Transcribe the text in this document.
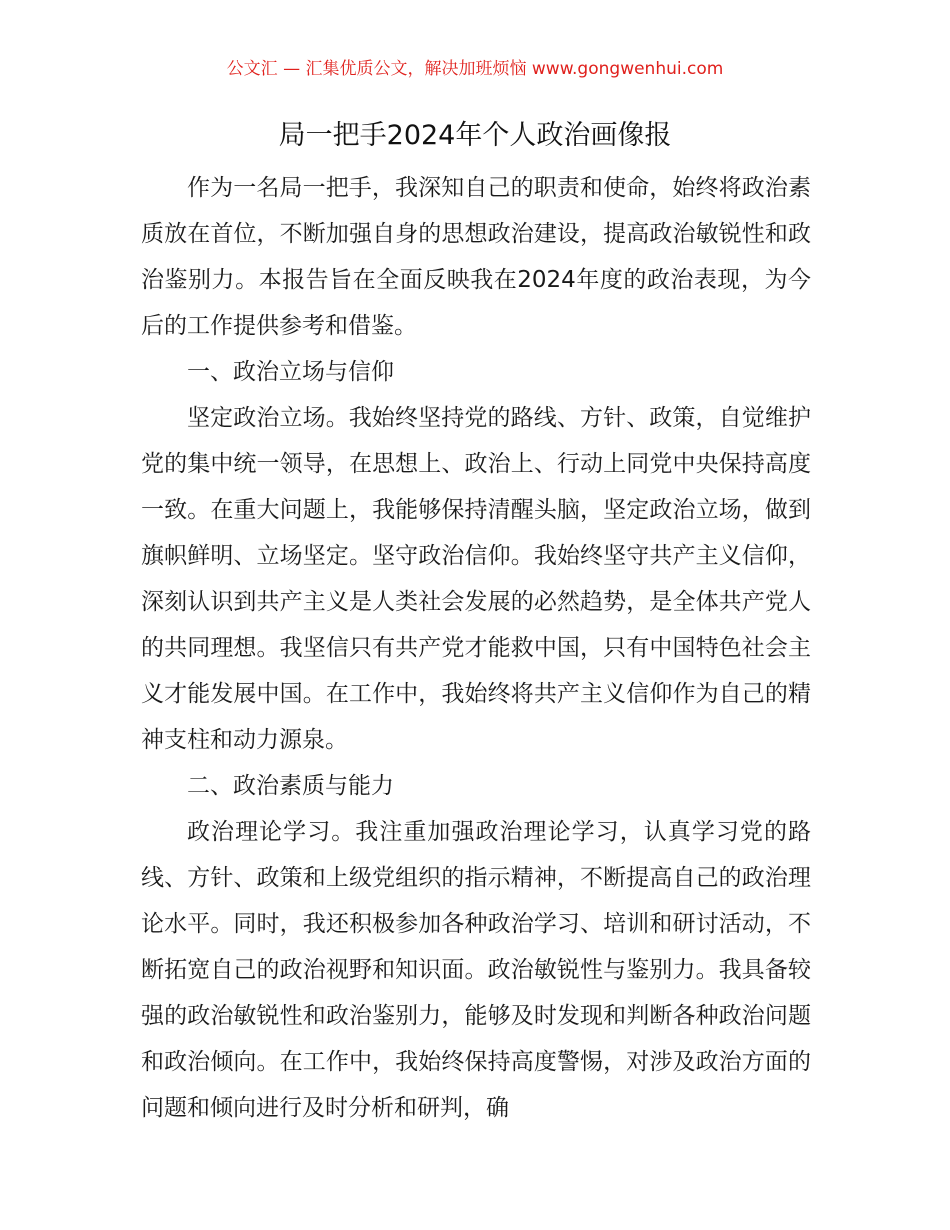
公文汇 — 汇集优质公文，解决加班烦恼 www.gongwenhui.com
局一把手2024年个人政治画像报

作为一名局一把手，我深知自己的职责和使命，始终将政治素质放在首位，不断加强自身的思想政治建设，提高政治敏锐性和政治鉴别力。本报告旨在全面反映我在2024年度的政治表现，为今后的工作提供参考和借鉴。

一、政治立场与信仰

坚定政治立场。我始终坚持党的路线、方针、政策，自觉维护党的集中统一领导，在思想上、政治上、行动上同党中央保持高度一致。在重大问题上，我能够保持清醒头脑，坚定政治立场，做到旗帜鲜明、立场坚定。坚守政治信仰。我始终坚守共产主义信仰，深刻认识到共产主义是人类社会发展的必然趋势，是全体共产党人的共同理想。我坚信只有共产党才能救中国，只有中国特色社会主义才能发展中国。在工作中，我始终将共产主义信仰作为自己的精神支柱和动力源泉。

二、政治素质与能力

政治理论学习。我注重加强政治理论学习，认真学习党的路线、方针、政策和上级党组织的指示精神，不断提高自己的政治理论水平。同时，我还积极参加各种政治学习、培训和研讨活动，不断拓宽自己的政治视野和知识面。政治敏锐性与鉴别力。我具备较强的政治敏锐性和政治鉴别力，能够及时发现和判断各种政治问题和政治倾向。在工作中，我始终保持高度警惕，对涉及政治方面的问题和倾向进行及时分析和研判，确
